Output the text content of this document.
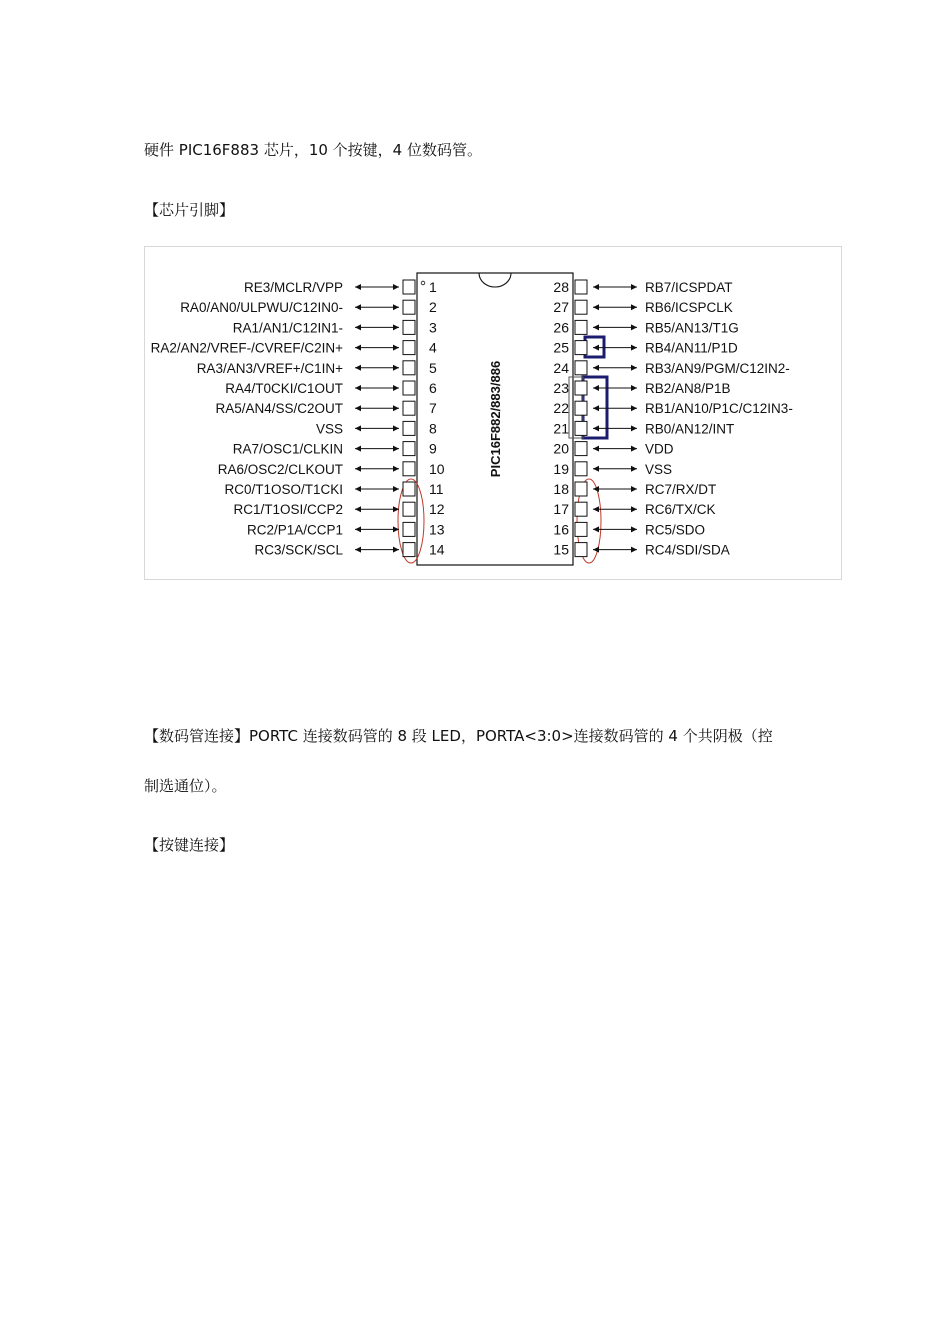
硬件 PIC16F883 芯片，10 个按键，4 位数码管。
【芯片引脚】
PIC16F882/883/886
1
RE3/MCLR/VPP
2
RA0/AN0/ULPWU/C12IN0-
3
RA1/AN1/C12IN1-
4
RA2/AN2/VREF-/CVREF/C2IN+
5
RA3/AN3/VREF+/C1IN+
6
RA4/T0CKI/C1OUT
7
RA5/AN4/SS/C2OUT
8
VSS
9
RA7/OSC1/CLKIN
10
RA6/OSC2/CLKOUT
11
RC0/T1OSO/T1CKI
12
RC1/T1OSI/CCP2
13
RC2/P1A/CCP1
14
RC3/SCK/SCL
28	RB7/ICSPDAT
27	RB6/ICSPCLK
26	RB5/AN13/T1G
25	RB4/AN11/P1D
24	RB3/AN9/PGM/C12IN2-
23	RB2/AN8/P1B
22	RB1/AN10/P1C/C12IN3-
21	RB0/AN12/INT
20	VDD
19	VSS
18	RC7/RX/DT
17	RC6/TX/CK
16	RC5/SDO
15	RC4/SDI/SDA
【数码管连接】PORTC 连接数码管的 8 段 LED，PORTA<3:0>连接数码管的 4 个共阴极（控
制选通位）。
【按键连接】
